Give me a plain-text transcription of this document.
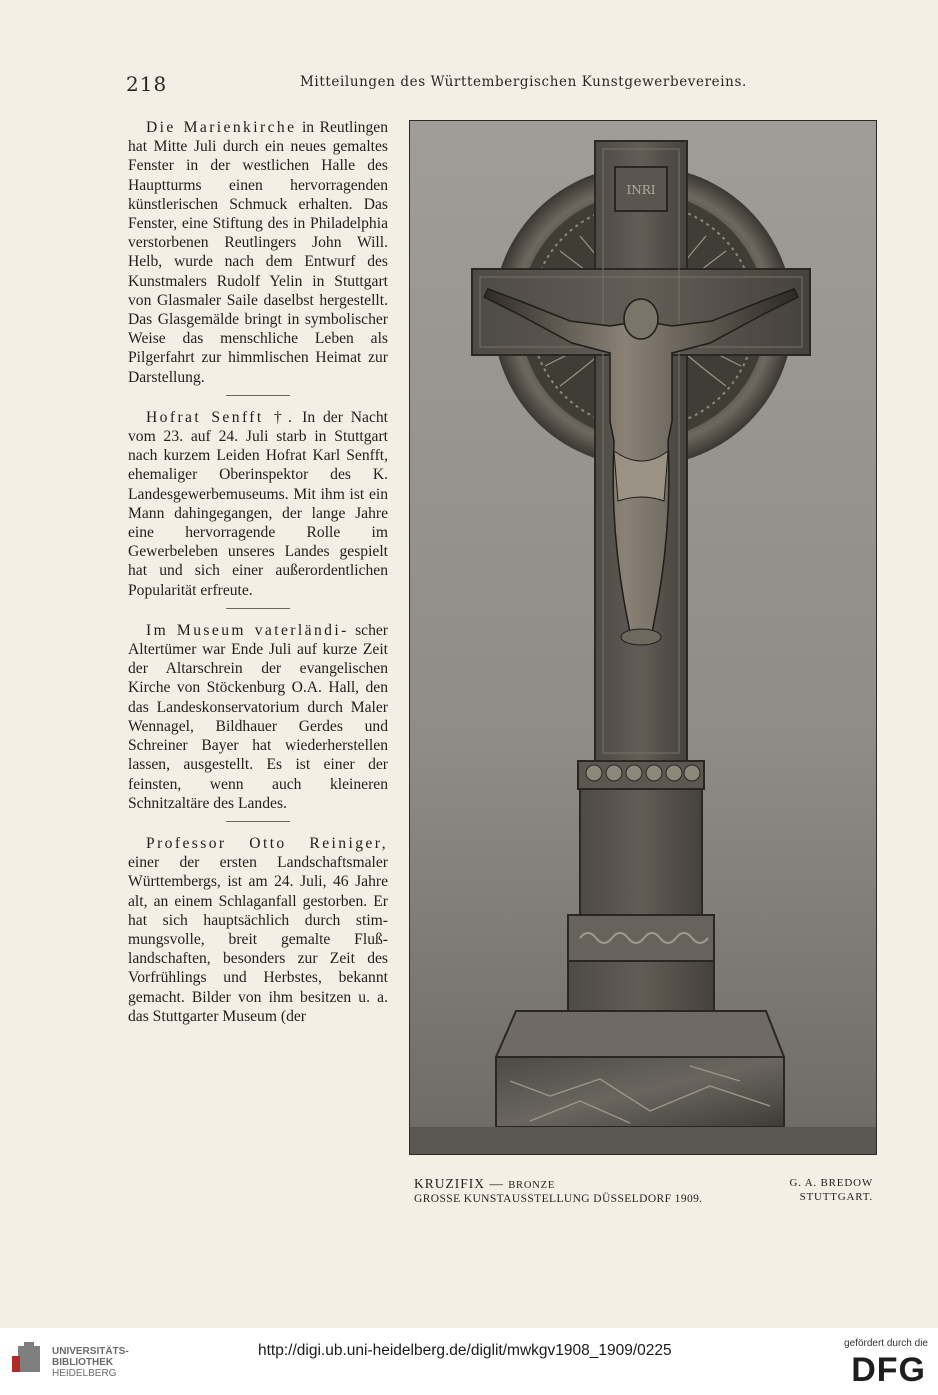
218	Mitteilungen des Württembergischen Kunstgewerbevereins.

Die Marienkirche in Reutlingen hat Mitte Juli durch ein neues gemaltes Fenster in der westlichen Halle des Hauptturms einen hervorragenden künstlerischen Schmuck erhalten. Das Fenster, eine Stiftung des in Philadelphia verstorbenen Reutlingers John Will. Helb, wurde nach dem Entwurf des Kunstmalers Rudolf Yelin in Stuttgart von Glasmaler Saile daselbst hergestellt. Das Glasgemälde bringt in symbolischer Weise das menschliche Leben als Pilgerfahrt zur himmlischen Heimat zur Darstellung.

Hofrat Senfft †. In der Nacht vom 23. auf 24. Juli starb in Stuttgart nach kurzem Leiden Hofrat Karl Senfft, ehemaliger Oberinspektor des K. Landesgewerbemuseums. Mit ihm ist ein Mann dahingegangen, der lange Jahre eine hervorragende Rolle im Gewerbeleben unseres Landes gespielt hat und sich einer außerordentlichen Popularität erfreute.

Im Museum vaterländi- scher Altertümer war Ende Juli auf kurze Zeit der Altarschrein der evangelischen Kirche von Stöckenburg O.A. Hall, den das Landeskonservatorium durch Maler Wennagel, Bildhauer Gerdes und Schreiner Bayer hat wiederherstellen lassen, ausgestellt. Es ist einer der feinsten, wenn auch kleineren Schnitzaltäre des Landes.

Professor Otto Reiniger, einer der ersten Landschaftsmaler Württembergs, ist am 24. Juli, 46 Jahre alt, an einem Schlaganfall gestorben. Er hat sich hauptsächlich durch stimmungsvolle, breit gemalte Flußlandschaften, besonders zur Zeit des Vorfrühlings und Herbstes, bekannt gemacht. Bilder von ihm besitzen u. a. das Stuttgarter Museum (der

INRI
KRUZIFIX — BRONZE
GROSSE KUNSTAUSSTELLUNG DÜSSELDORF 1909.
G. A. BREDOW
STUTTGART.
UNIVERSITÄTS-
BIBLIOTHEK
HEIDELBERG
http://digi.ub.uni-heidelberg.de/diglit/mwkgv1908_1909/0225	gefördert durch die
DFG
